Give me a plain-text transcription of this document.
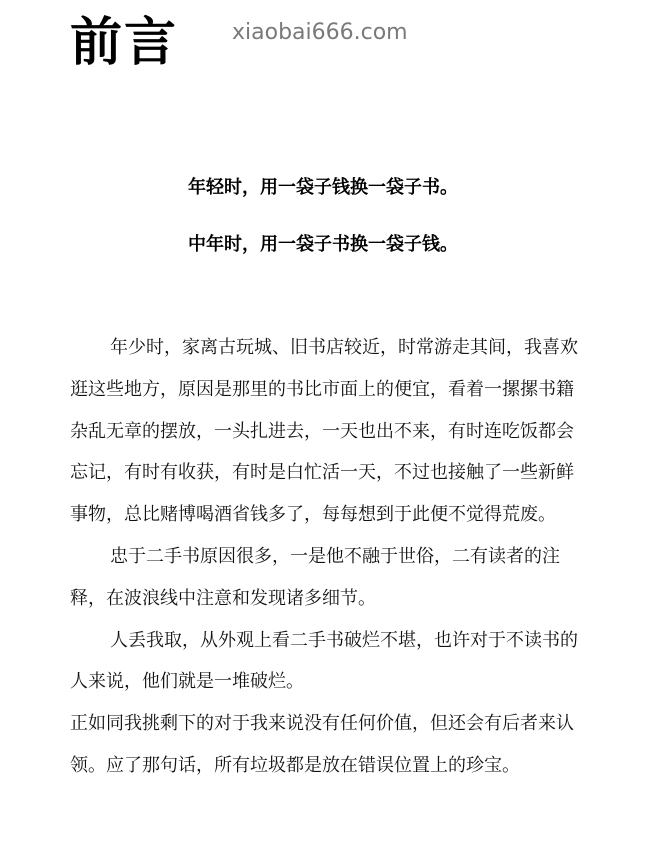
前言 xiaobai666.com

年轻时，用一袋子钱换一袋子书。

中年时，用一袋子书换一袋子钱。

年少时，家离古玩城、旧书店较近，时常游走其间，我喜欢逛这些地方，原因是那里的书比市面上的便宜，看着一摞摞书籍杂乱无章的摆放，一头扎进去，一天也出不来，有时连吃饭都会忘记，有时有收获，有时是白忙活一天，不过也接触了一些新鲜事物，总比赌博喝酒省钱多了，每每想到于此便不觉得荒废。

忠于二手书原因很多，一是他不融于世俗，二有读者的注释，在波浪线中注意和发现诸多细节。

人丢我取，从外观上看二手书破烂不堪，也许对于不读书的人来说，他们就是一堆破烂。

正如同我挑剩下的对于我来说没有任何价值，但还会有后者来认领。应了那句话，所有垃圾都是放在错误位置上的珍宝。
